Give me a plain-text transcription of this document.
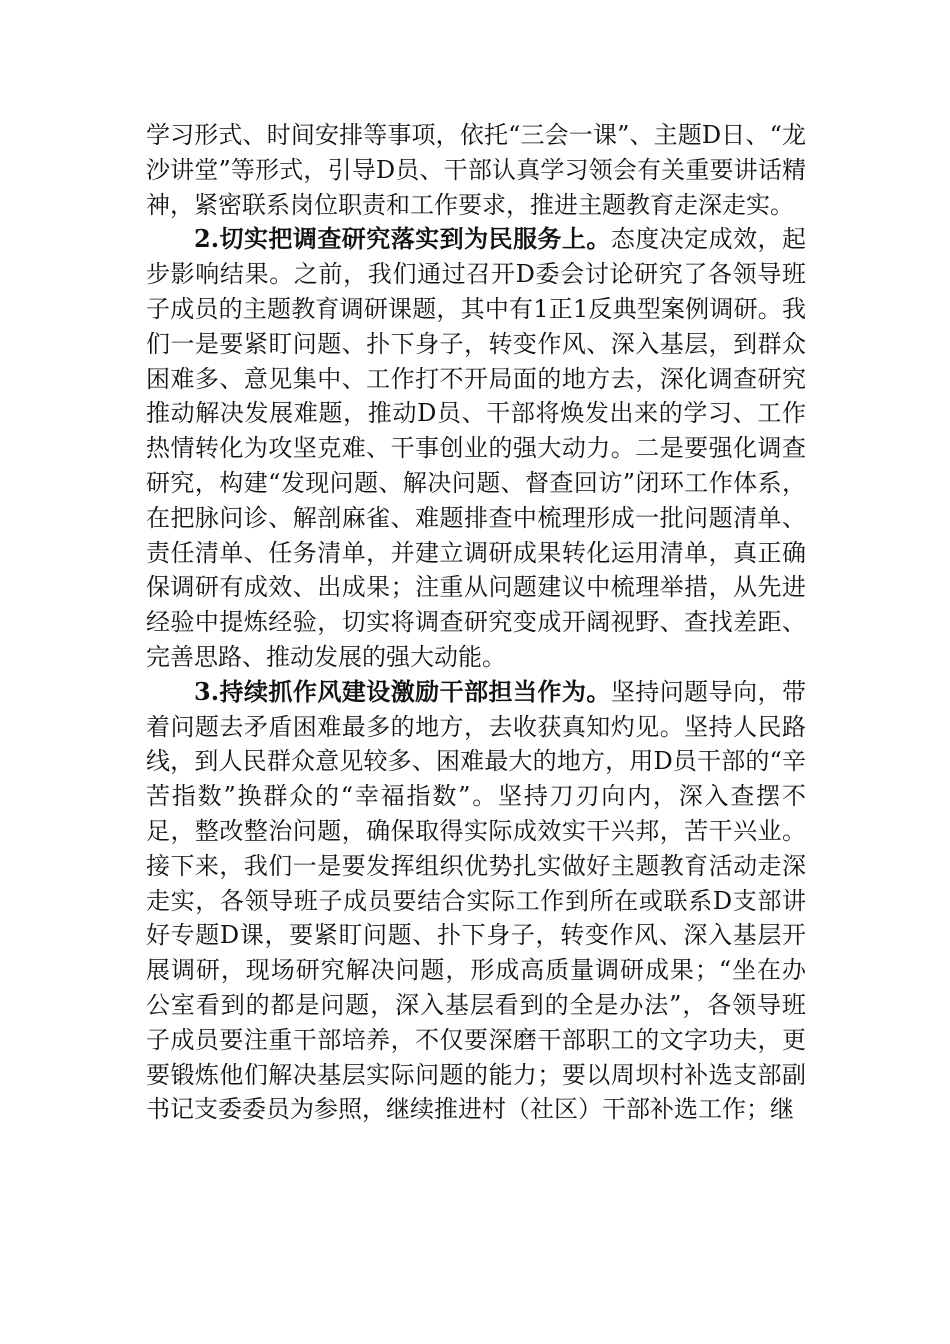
学习形式、时间安排等事项，依托“三会一课”、主题D日、“龙沙讲堂”等形式，引导D员、干部认真学习领会有关重要讲话精神，紧密联系岗位职责和工作要求，推进主题教育走深走实。

2.切实把调查研究落实到为民服务上。态度决定成效，起步影响结果。之前，我们通过召开D委会讨论研究了各领导班子成员的主题教育调研课题，其中有1正1反典型案例调研。我们一是要紧盯问题、扑下身子，转变作风、深入基层，到群众困难多、意见集中、工作打不开局面的地方去，深化调查研究推动解决发展难题，推动D员、干部将焕发出来的学习、工作热情转化为攻坚克难、干事创业的强大动力。二是要强化调查研究，构建“发现问题、解决问题、督查回访”闭环工作体系，在把脉问诊、解剖麻雀、难题排查中梳理形成一批问题清单、责任清单、任务清单，并建立调研成果转化运用清单，真正确保调研有成效、出成果；注重从问题建议中梳理举措，从先进经验中提炼经验，切实将调查研究变成开阔视野、查找差距、完善思路、推动发展的强大动能。

3.持续抓作风建设激励干部担当作为。坚持问题导向，带着问题去矛盾困难最多的地方，去收获真知灼见。坚持人民路线，到人民群众意见较多、困难最大的地方，用D员干部的“辛苦指数”换群众的“幸福指数”。坚持刀刃向内，深入查摆不足，整改整治问题，确保取得实际成效实干兴邦，苦干兴业。接下来，我们一是要发挥组织优势扎实做好主题教育活动走深走实，各领导班子成员要结合实际工作到所在或联系D支部讲好专题D课，要紧盯问题、扑下身子，转变作风、深入基层开展调研，现场研究解决问题，形成高质量调研成果；“坐在办公室看到的都是问题，深入基层看到的全是办法”，各领导班子成员要注重干部培养，不仅要深磨干部职工的文字功夫，更要锻炼他们解决基层实际问题的能力；要以周坝村补选支部副书记支委委员为参照，继续推进村（社区）干部补选工作；继
